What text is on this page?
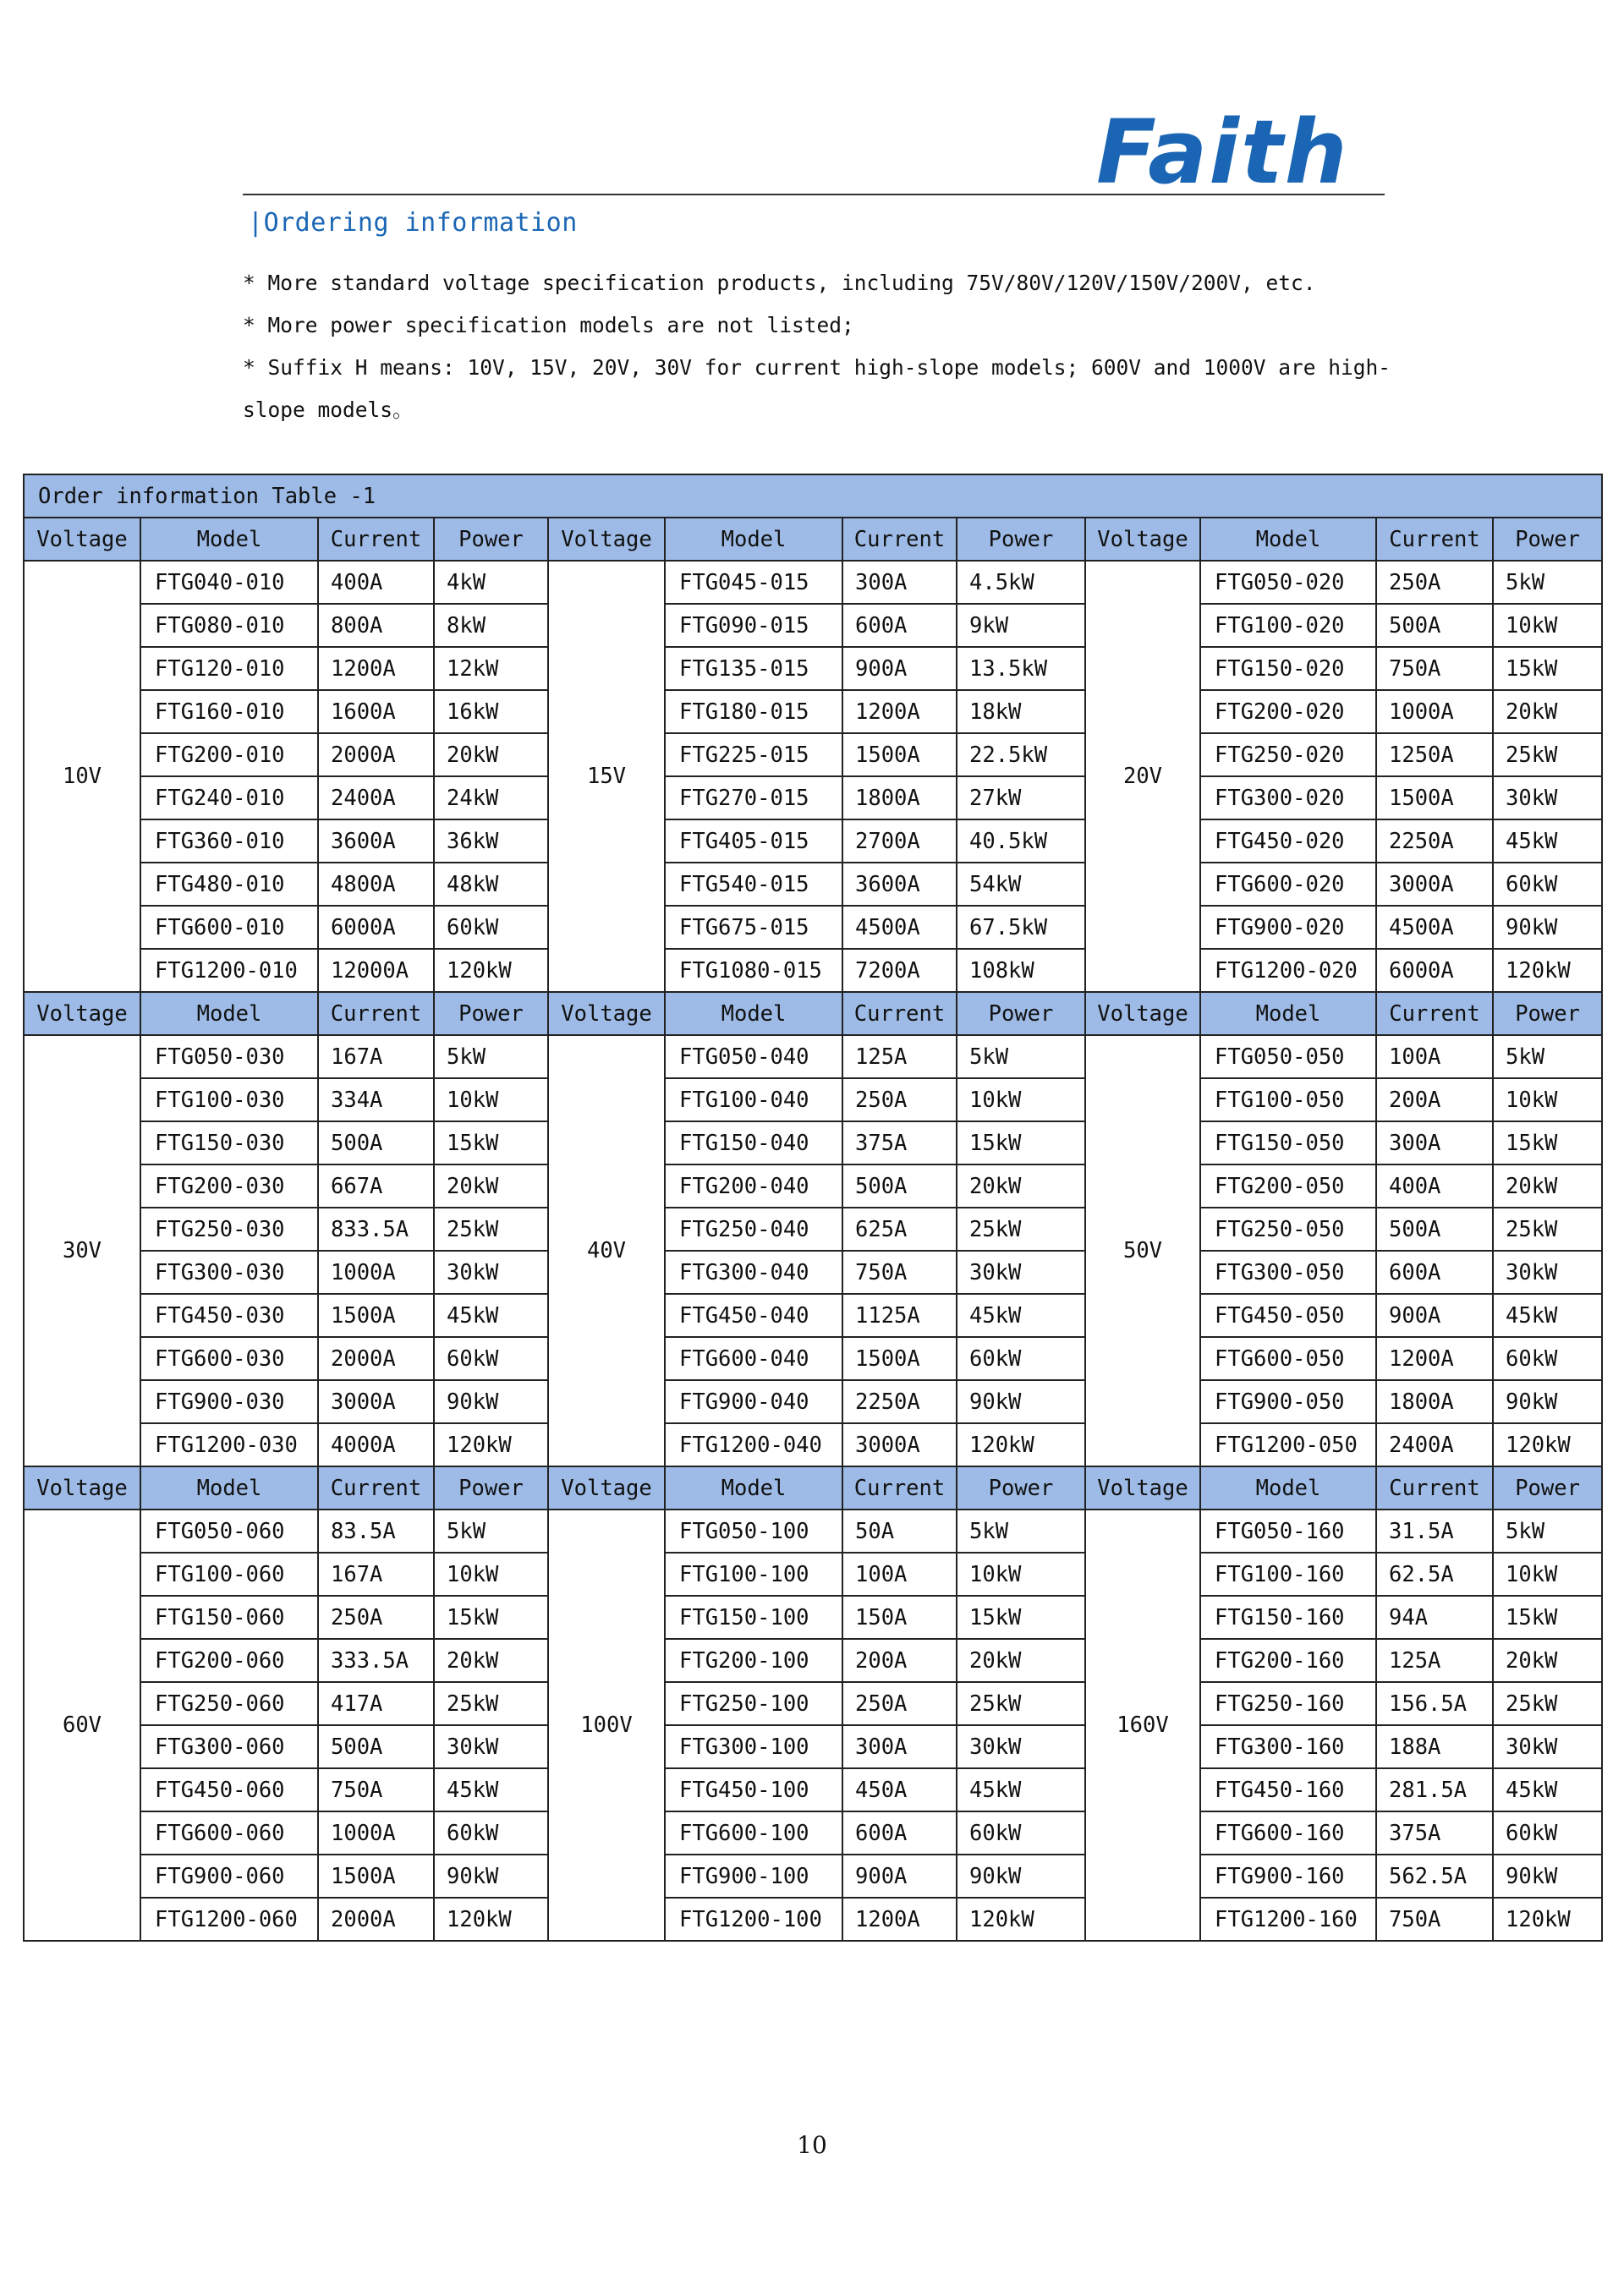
Faith
|Ordering information

* More standard voltage specification products, including 75V/80V/120V/150V/200V, etc.

* More power specification models are not listed;

* Suffix H means: 10V, 15V, 20V, 30V for current high-slope models; 600V and 1000V are high-slope models。

Order information Table -1											
Voltage	Model	Current	Power	Voltage	Model	Current	Power	Voltage	Model	Current	Power
10V	FTG040-010	400A	4kW	15V	FTG045-015	300A	4.5kW	20V	FTG050-020	250A	5kW
	FTG080-010	800A	8kW		FTG090-015	600A	9kW		FTG100-020	500A	10kW
	FTG120-010	1200A	12kW		FTG135-015	900A	13.5kW		FTG150-020	750A	15kW
	FTG160-010	1600A	16kW		FTG180-015	1200A	18kW		FTG200-020	1000A	20kW
	FTG200-010	2000A	20kW		FTG225-015	1500A	22.5kW		FTG250-020	1250A	25kW
	FTG240-010	2400A	24kW		FTG270-015	1800A	27kW		FTG300-020	1500A	30kW
	FTG360-010	3600A	36kW		FTG405-015	2700A	40.5kW		FTG450-020	2250A	45kW
	FTG480-010	4800A	48kW		FTG540-015	3600A	54kW		FTG600-020	3000A	60kW
	FTG600-010	6000A	60kW		FTG675-015	4500A	67.5kW		FTG900-020	4500A	90kW
	FTG1200-010	12000A	120kW		FTG1080-015	7200A	108kW		FTG1200-020	6000A	120kW
Voltage	Model	Current	Power	Voltage	Model	Current	Power	Voltage	Model	Current	Power
30V	FTG050-030	167A	5kW	40V	FTG050-040	125A	5kW	50V	FTG050-050	100A	5kW
	FTG100-030	334A	10kW		FTG100-040	250A	10kW		FTG100-050	200A	10kW
	FTG150-030	500A	15kW		FTG150-040	375A	15kW		FTG150-050	300A	15kW
	FTG200-030	667A	20kW		FTG200-040	500A	20kW		FTG200-050	400A	20kW
	FTG250-030	833.5A	25kW		FTG250-040	625A	25kW		FTG250-050	500A	25kW
	FTG300-030	1000A	30kW		FTG300-040	750A	30kW		FTG300-050	600A	30kW
	FTG450-030	1500A	45kW		FTG450-040	1125A	45kW		FTG450-050	900A	45kW
	FTG600-030	2000A	60kW		FTG600-040	1500A	60kW		FTG600-050	1200A	60kW
	FTG900-030	3000A	90kW		FTG900-040	2250A	90kW		FTG900-050	1800A	90kW
	FTG1200-030	4000A	120kW		FTG1200-040	3000A	120kW		FTG1200-050	2400A	120kW
Voltage	Model	Current	Power	Voltage	Model	Current	Power	Voltage	Model	Current	Power
60V	FTG050-060	83.5A	5kW	100V	FTG050-100	50A	5kW	160V	FTG050-160	31.5A	5kW
	FTG100-060	167A	10kW		FTG100-100	100A	10kW		FTG100-160	62.5A	10kW
	FTG150-060	250A	15kW		FTG150-100	150A	15kW		FTG150-160	94A	15kW
	FTG200-060	333.5A	20kW		FTG200-100	200A	20kW		FTG200-160	125A	20kW
	FTG250-060	417A	25kW		FTG250-100	250A	25kW		FTG250-160	156.5A	25kW
	FTG300-060	500A	30kW		FTG300-100	300A	30kW		FTG300-160	188A	30kW
	FTG450-060	750A	45kW		FTG450-100	450A	45kW		FTG450-160	281.5A	45kW
	FTG600-060	1000A	60kW		FTG600-100	600A	60kW		FTG600-160	375A	60kW
	FTG900-060	1500A	90kW		FTG900-100	900A	90kW		FTG900-160	562.5A	90kW
	FTG1200-060	2000A	120kW		FTG1200-100	1200A	120kW		FTG1200-160	750A	120kW
10
